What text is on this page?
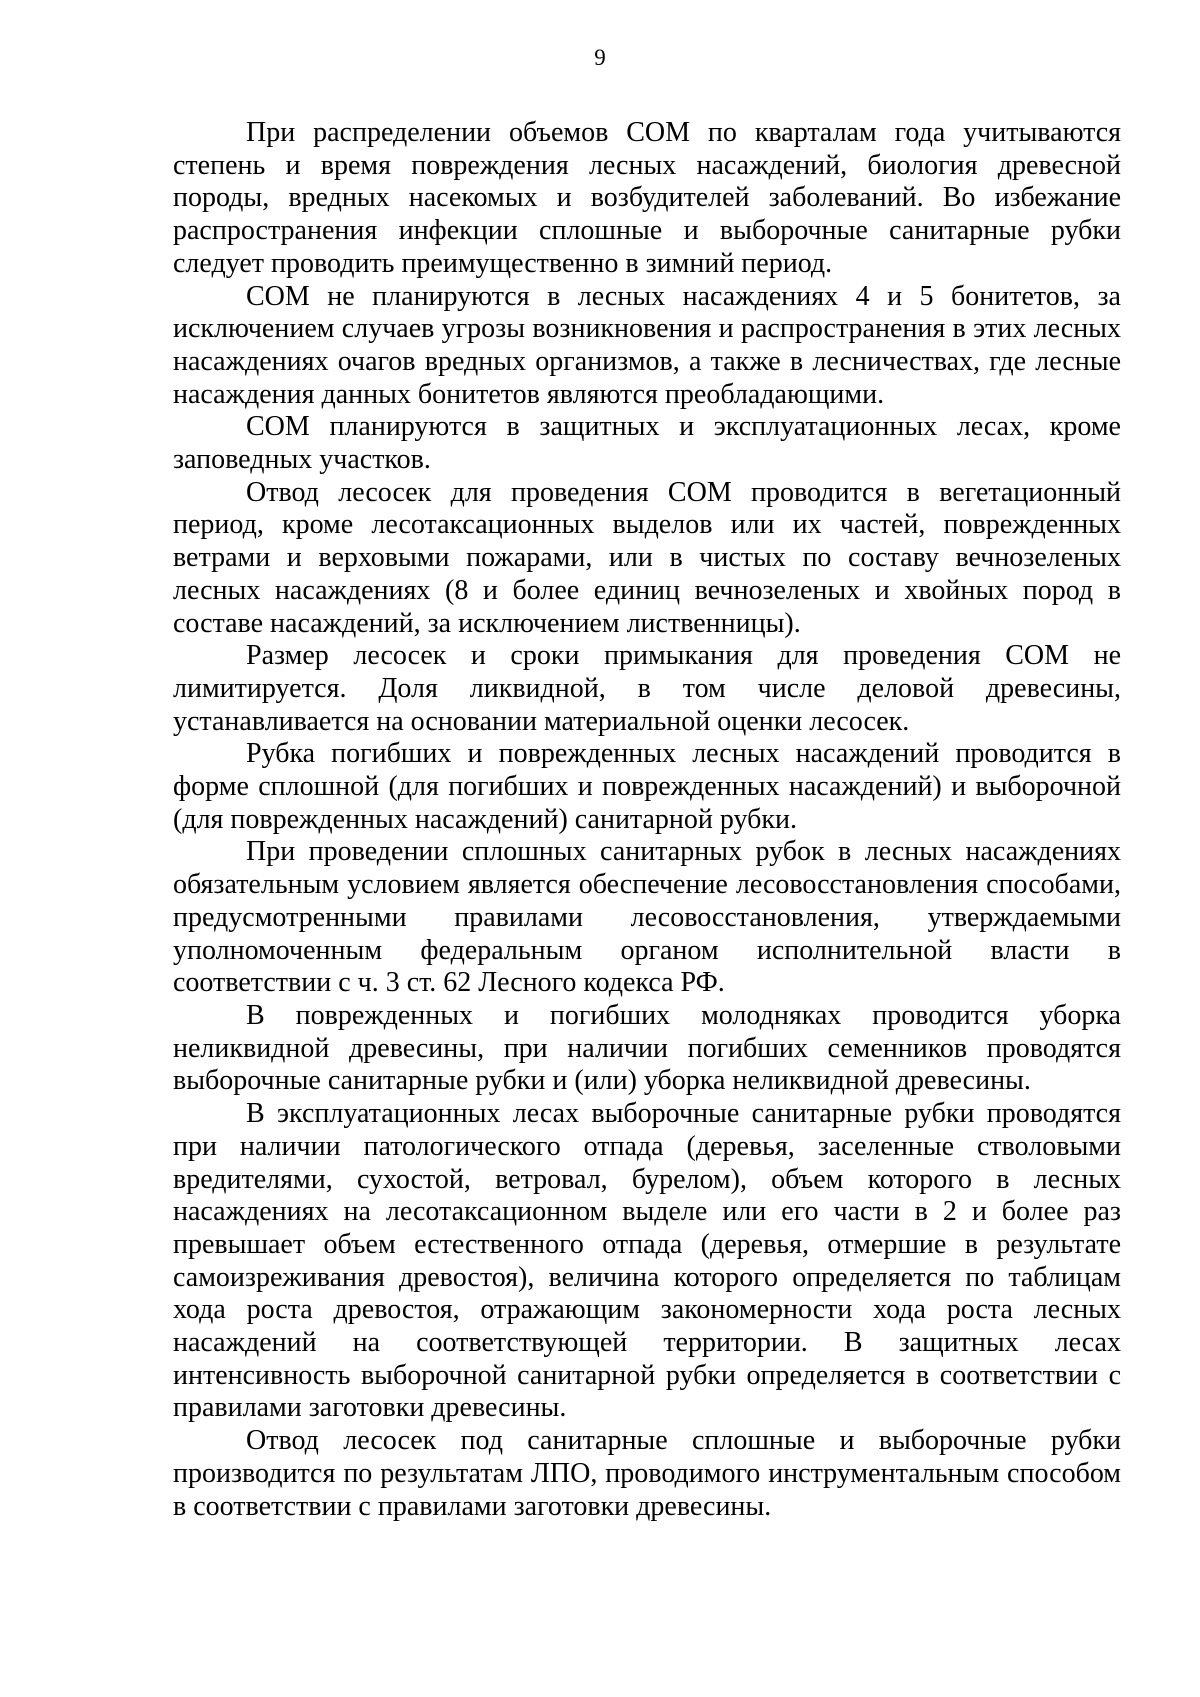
9

При распределении объемов СОМ по кварталам года учитываются степень и время повреждения лесных насаждений, биология древесной породы, вредных насекомых и возбудителей заболеваний. Во избежание распространения инфекции сплошные и выборочные санитарные рубки следует проводить преимущественно в зимний период.

СОМ не планируются в лесных насаждениях 4 и 5 бонитетов, за исключением случаев угрозы возникновения и распространения в этих лесных насаждениях очагов вредных организмов, а также в лесничествах, где лесные насаждения данных бонитетов являются преобладающими.

СОМ планируются в защитных и эксплуатационных лесах, кроме заповедных участков.

Отвод лесосек для проведения СОМ проводится в вегетационный период, кроме лесотаксационных выделов или их частей, поврежденных ветрами и верховыми пожарами, или в чистых по составу вечнозеленых лесных насаждениях (8 и более единиц вечнозеленых и хвойных пород в составе насаждений, за исключением лиственницы).

Размер лесосек и сроки примыкания для проведения СОМ не лимитируется. Доля ликвидной, в том числе деловой древесины, устанавливается на основании материальной оценки лесосек.

Рубка погибших и поврежденных лесных насаждений проводится в форме сплошной (для погибших и поврежденных насаждений) и выборочной (для поврежденных насаждений) санитарной рубки.

При проведении сплошных санитарных рубок в лесных насаждениях обязательным условием является обеспечение лесовосстановления способами, предусмотренными правилами лесовосстановления, утверждаемыми уполномоченным федеральным органом исполнительной власти в соответствии с ч. 3 ст. 62 Лесного кодекса РФ.

В поврежденных и погибших молодняках проводится уборка неликвидной древесины, при наличии погибших семенников проводятся выборочные санитарные рубки и (или) уборка неликвидной древесины.

В эксплуатационных лесах выборочные санитарные рубки проводятся при наличии патологического отпада (деревья, заселенные стволовыми вредителями, сухостой, ветровал, бурелом), объем которого в лесных насаждениях на лесотаксационном выделе или его части в 2 и более раз превышает объем естественного отпада (деревья, отмершие в результате самоизреживания древостоя), величина которого определяется по таблицам хода роста древостоя, отражающим закономерности хода роста лесных насаждений на соответствующей территории. В защитных лесах интенсивность выборочной санитарной рубки определяется в соответствии с правилами заготовки древесины.

Отвод лесосек под санитарные сплошные и выборочные рубки производится по результатам ЛПО, проводимого инструментальным способом в соответствии с правилами заготовки древесины.
